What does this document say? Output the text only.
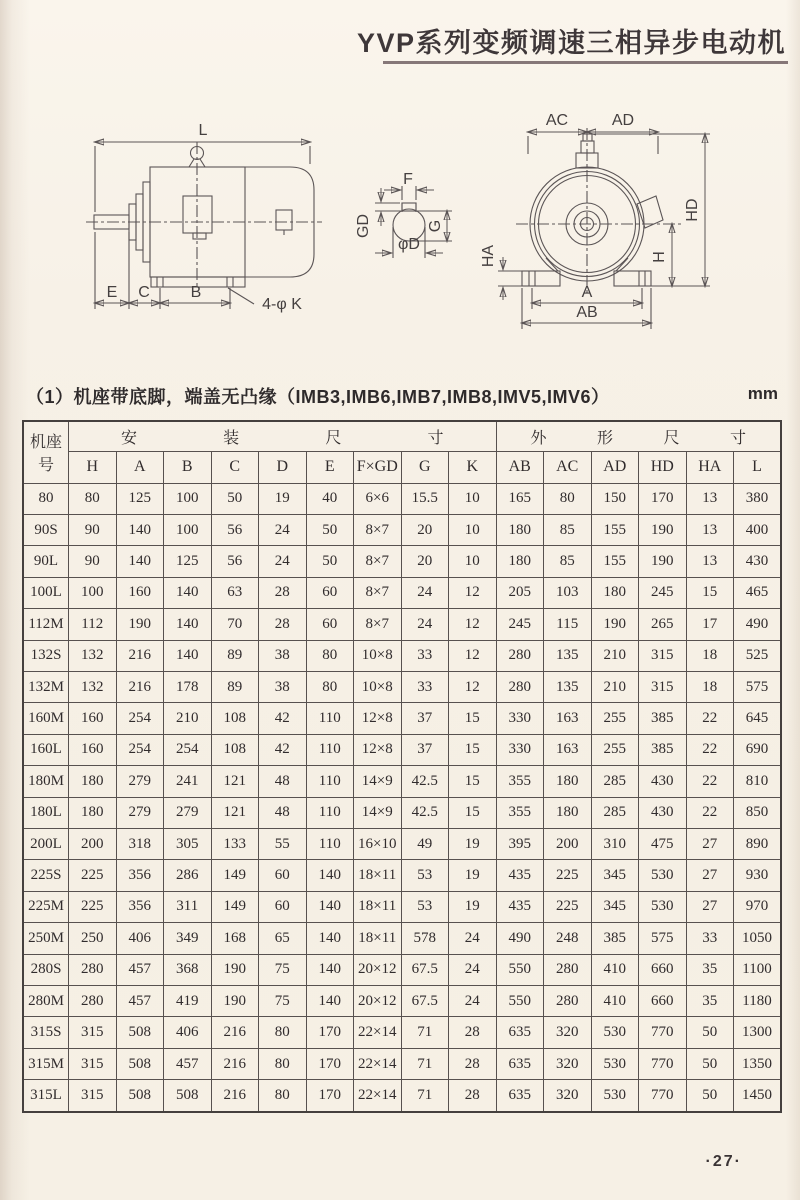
YVP系列变频调速三相异步电动机
L
E C	B
4-φ K
F
GD	G
φD
AC	AD
HD
H
HA
A
AB
（1）机座带底脚，端盖无凸缘（IMB3,IMB6,IMB7,IMB8,IMV5,IMV6）	mm
机座号	安 装 尺 寸									外 形 尺 寸					
	H	A	B	C	D	E	F×GD	G	K	AB	AC	AD	HD	HA	L
80	80	125	100	50	19	40	6×6	15.5	10	165	80	150	170	13	380
90S	90	140	100	56	24	50	8×7	20	10	180	85	155	190	13	400
90L	90	140	125	56	24	50	8×7	20	10	180	85	155	190	13	430
100L	100	160	140	63	28	60	8×7	24	12	205	103	180	245	15	465
112M	112	190	140	70	28	60	8×7	24	12	245	115	190	265	17	490
132S	132	216	140	89	38	80	10×8	33	12	280	135	210	315	18	525
132M	132	216	178	89	38	80	10×8	33	12	280	135	210	315	18	575
160M	160	254	210	108	42	110	12×8	37	15	330	163	255	385	22	645
160L	160	254	254	108	42	110	12×8	37	15	330	163	255	385	22	690
180M	180	279	241	121	48	110	14×9	42.5	15	355	180	285	430	22	810
180L	180	279	279	121	48	110	14×9	42.5	15	355	180	285	430	22	850
200L	200	318	305	133	55	110	16×10	49	19	395	200	310	475	27	890
225S	225	356	286	149	60	140	18×11	53	19	435	225	345	530	27	930
225M	225	356	311	149	60	140	18×11	53	19	435	225	345	530	27	970
250M	250	406	349	168	65	140	18×11	578	24	490	248	385	575	33	1050
280S	280	457	368	190	75	140	20×12	67.5	24	550	280	410	660	35	1100
280M	280	457	419	190	75	140	20×12	67.5	24	550	280	410	660	35	1180
315S	315	508	406	216	80	170	22×14	71	28	635	320	530	770	50	1300
315M	315	508	457	216	80	170	22×14	71	28	635	320	530	770	50	1350
315L	315	508	508	216	80	170	22×14	71	28	635	320	530	770	50	1450
·27·
